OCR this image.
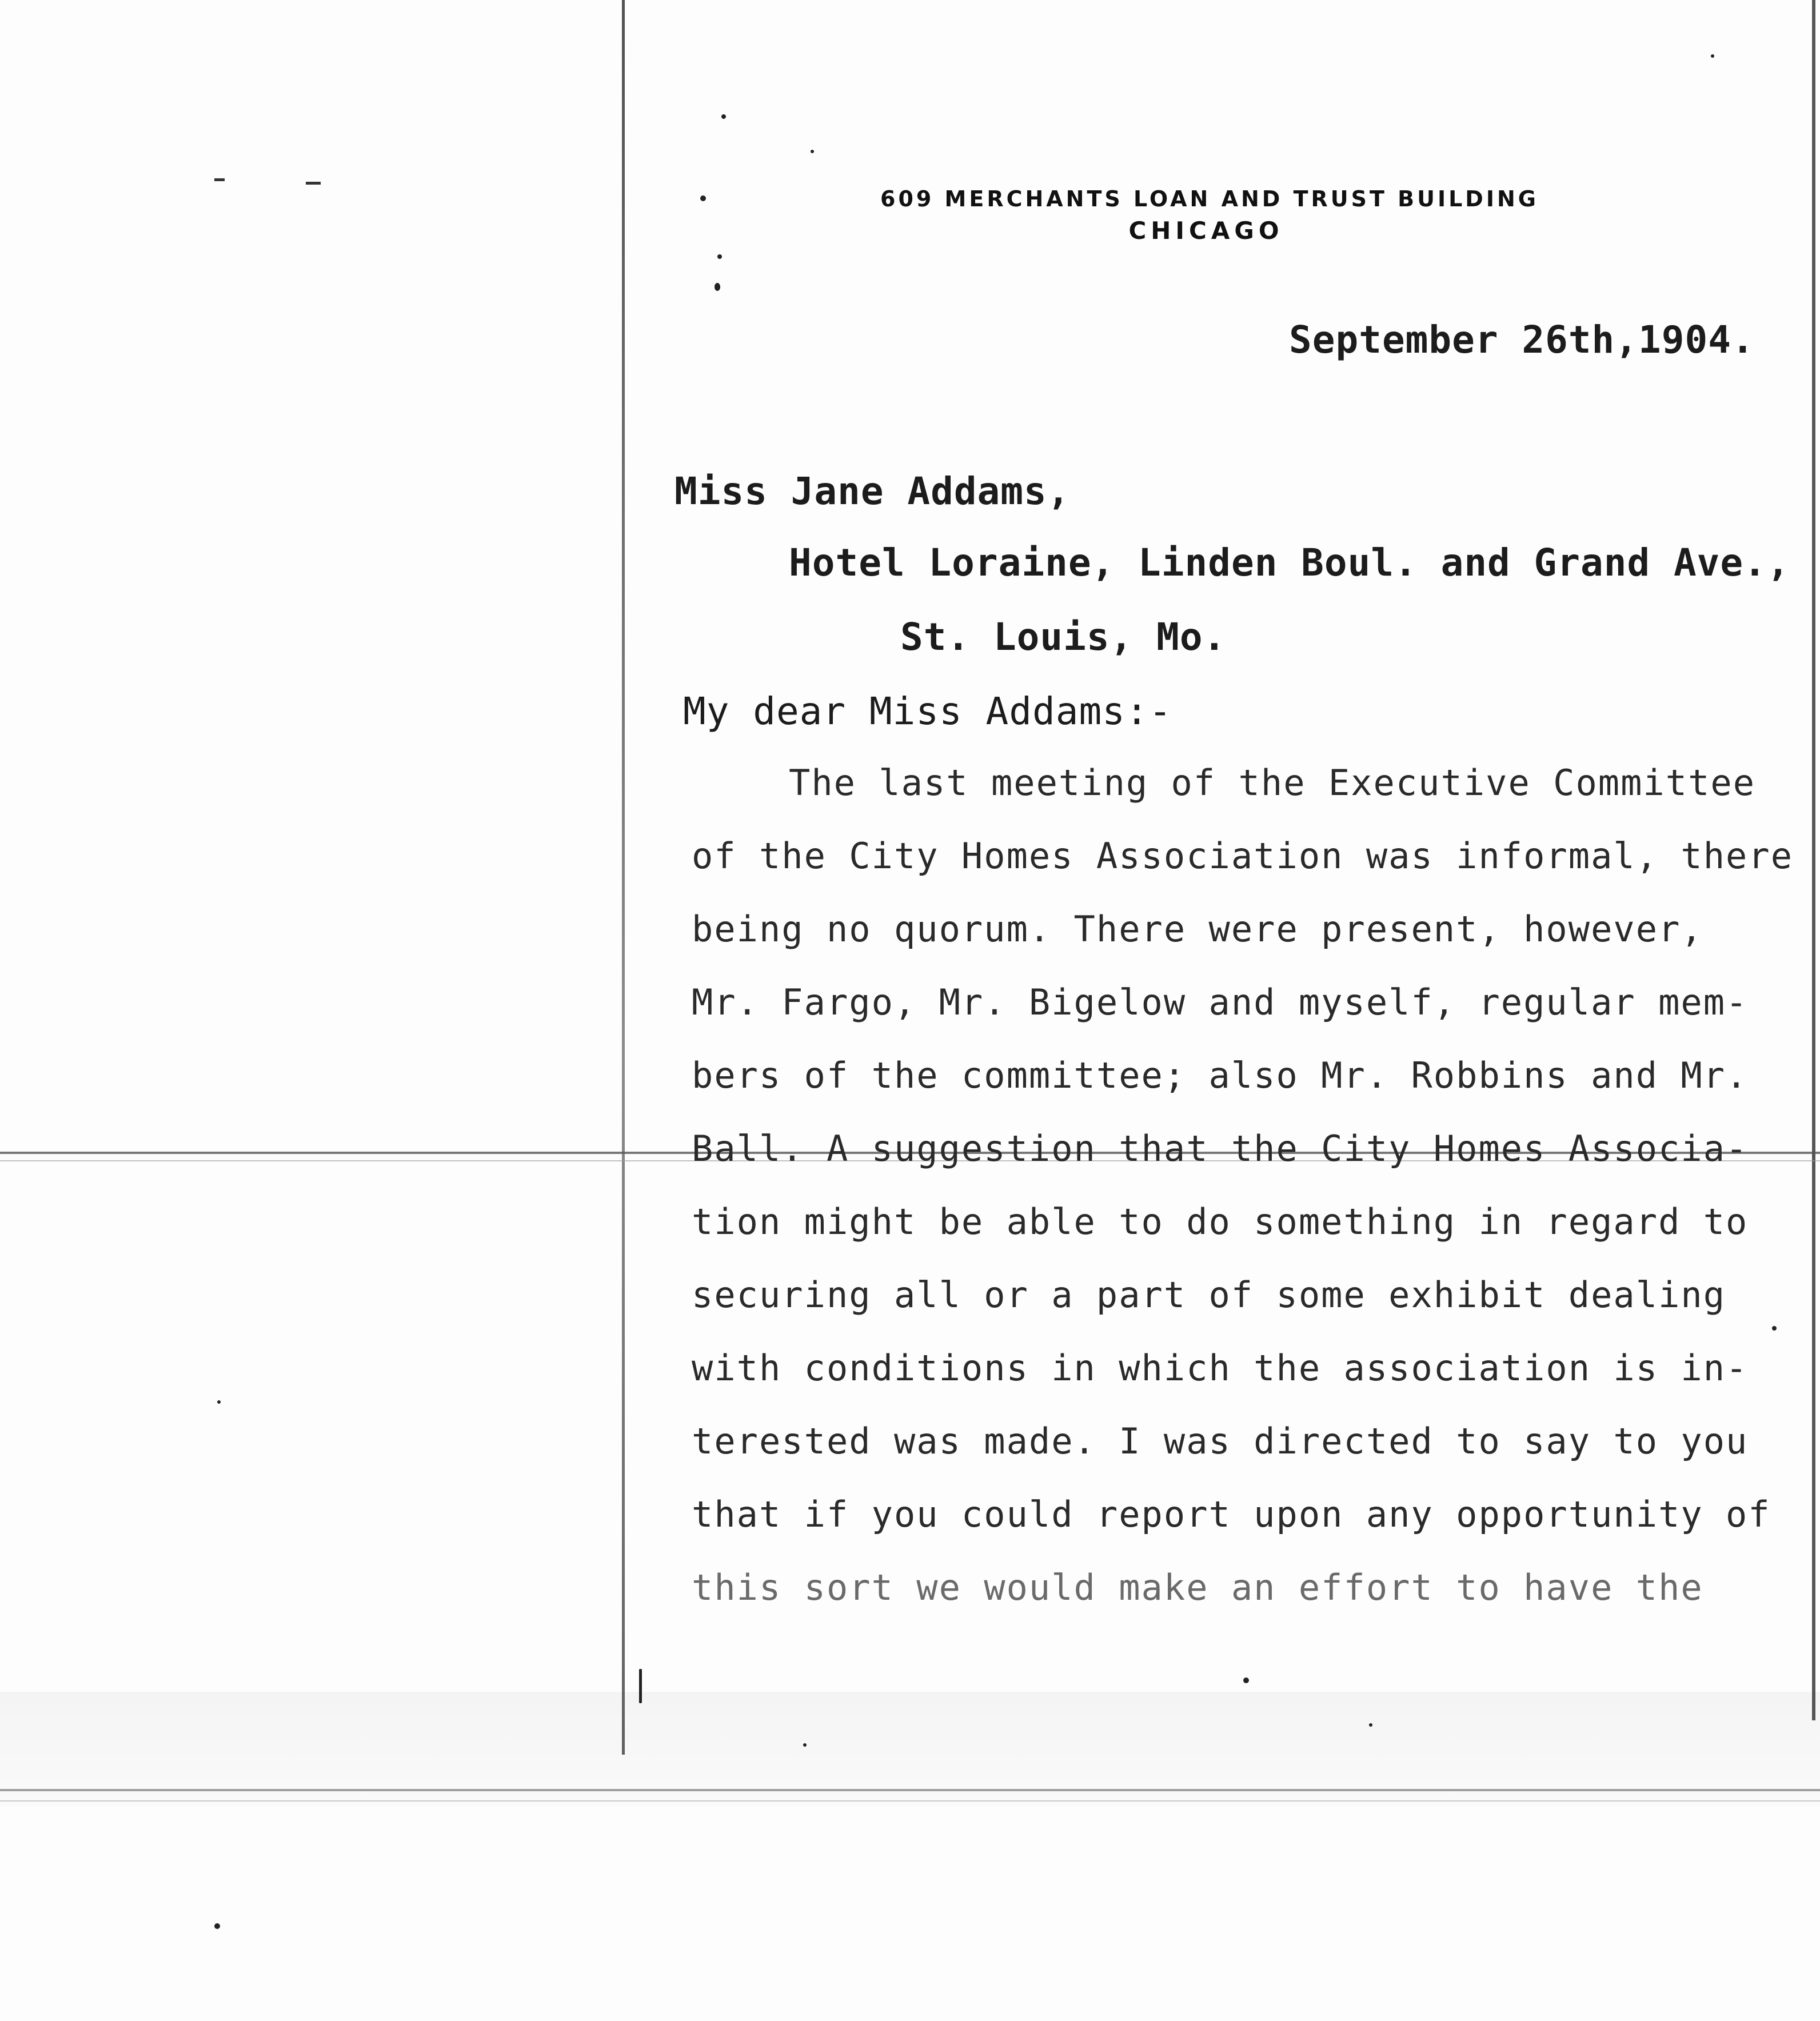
609 MERCHANTS LOAN AND TRUST BUILDING
CHICAGO
September 26th,1904.
Miss Jane Addams,
Hotel Loraine, Linden Boul. and Grand Ave.,
St. Louis, Mo.
My dear Miss Addams:-
The last meeting of the Executive Committee
of the City Homes Association was informal, there
being no quorum. There were present, however,
Mr. Fargo, Mr. Bigelow and myself, regular mem-
bers of the committee; also Mr. Robbins and Mr.
Ball. A suggestion that the City Homes Associa-
tion might be able to do something in regard to
securing all or a part of some exhibit dealing
with conditions in which the association is in-
terested was made. I was directed to say to you
that if you could report upon any opportunity of
this sort we would make an effort to have the
